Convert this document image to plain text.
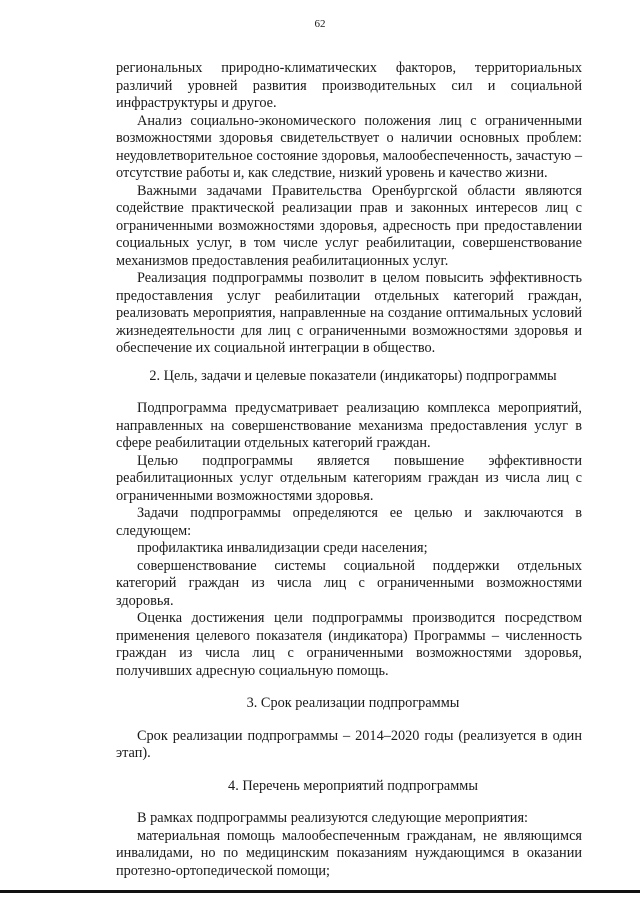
62

региональных природно-климатических факторов, территориальных различий уровней развития производительных сил и социальной инфраструктуры и другое.

Анализ социально-экономического положения лиц с ограниченными возможностями здоровья свидетельствует о наличии основных проблем: неудовлетворительное состояние здоровья, малообеспеченность, зачастую – отсутствие работы и, как следствие, низкий уровень и качество жизни.

Важными задачами Правительства Оренбургской области являются содействие практической реализации прав и законных интересов лиц с ограниченными возможностями здоровья, адресность при предоставлении социальных услуг, в том числе услуг реабилитации, совершенствование механизмов предоставления реабилитационных услуг.

Реализация подпрограммы позволит в целом повысить эффективность предоставления услуг реабилитации отдельных категорий граждан, реализовать мероприятия, направленные на создание оптимальных условий жизнедеятельности для лиц с ограниченными возможностями здоровья и обеспечение их социальной интеграции в общество.

2. Цель, задачи и целевые показатели (индикаторы) подпрограммы

Подпрограмма предусматривает реализацию комплекса мероприятий, направленных на совершенствование механизма предоставления услуг в сфере реабилитации отдельных категорий граждан.

Целью подпрограммы является повышение эффективности реабилитационных услуг отдельным категориям граждан из числа лиц с ограниченными возможностями здоровья.

Задачи подпрограммы определяются ее целью и заключаются в следующем:

профилактика инвалидизации среди населения;

совершенствование системы социальной поддержки отдельных категорий граждан из числа лиц с ограниченными возможностями здоровья.

Оценка достижения цели подпрограммы производится посредством применения целевого показателя (индикатора) Программы – численность граждан из числа лиц с ограниченными возможностями здоровья, получивших адресную социальную помощь.

3. Срок реализации подпрограммы

Срок реализации подпрограммы – 2014–2020 годы (реализуется в один этап).

4. Перечень мероприятий подпрограммы

В рамках подпрограммы реализуются следующие мероприятия:

материальная помощь малообеспеченным гражданам, не являющимся инвалидами, но по медицинским показаниям нуждающимся в оказании протезно-ортопедической помощи;
